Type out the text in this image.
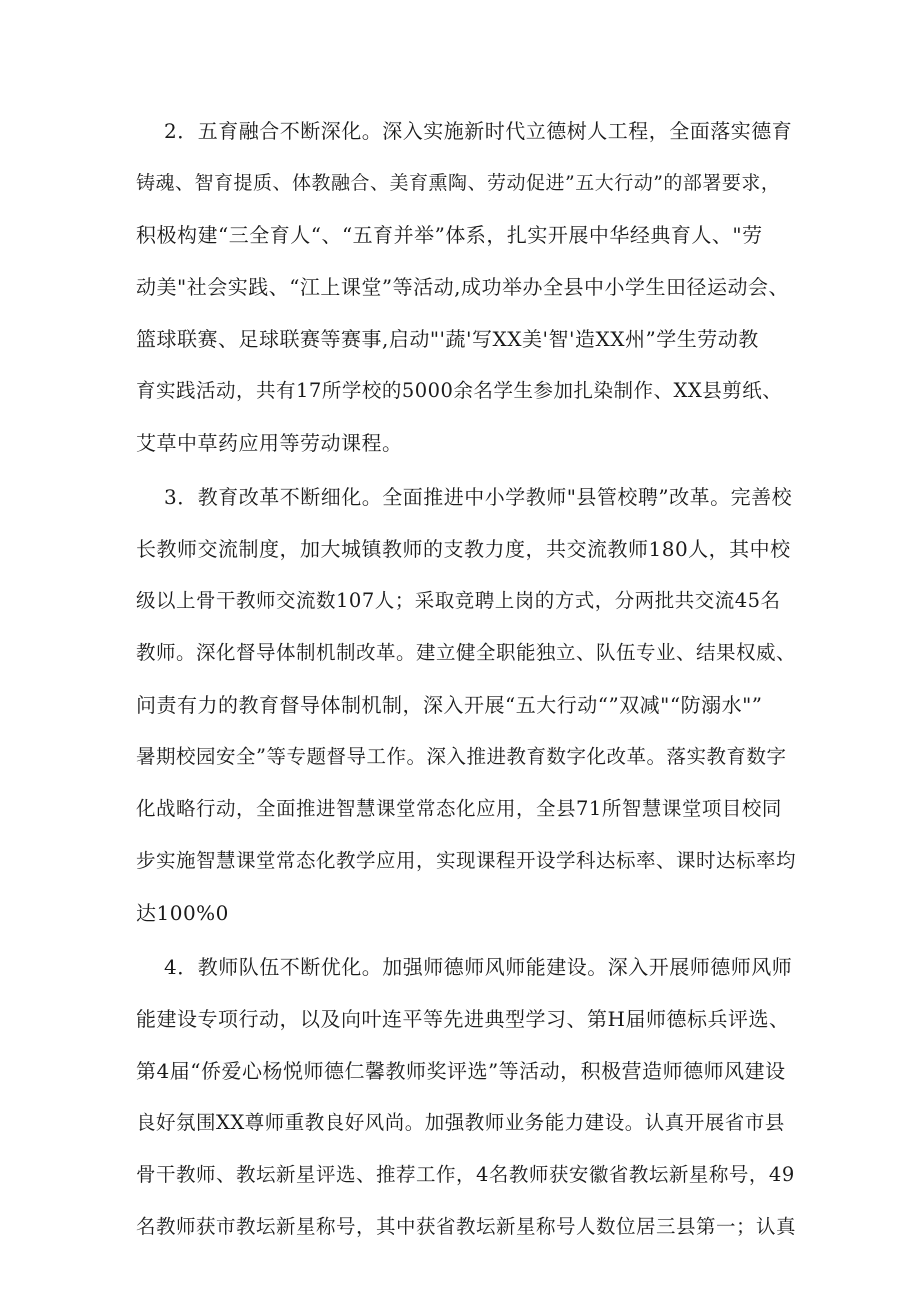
2．五育融合不断深化。深入实施新时代立德树人工程，全面落实德育
铸魂、智育提质、体教融合、美育熏陶、劳动促进”五大行动”的部署要求，
积极构建“三全育人“、“五育并举”体系，扎实开展中华经典育人、"劳
动美"社会实践、“江上课堂”等活动,成功举办全县中小学生田径运动会、
篮球联赛、足球联赛等赛事,启动"'蔬'写XX美'智'造XX州”学生劳动教
育实践活动，共有17所学校的5000余名学生参加扎染制作、XX县剪纸、
艾草中草药应用等劳动课程。
3．教育改革不断细化。全面推进中小学教师"县管校聘”改革。完善校
长教师交流制度，加大城镇教师的支教力度，共交流教师180人，其中校
级以上骨干教师交流数107人；采取竞聘上岗的方式，分两批共交流45名
教师。深化督导体制机制改革。建立健全职能独立、队伍专业、结果权威、
问责有力的教育督导体制机制，深入开展“五大行动“”双减"“防溺水"”
暑期校园安全”等专题督导工作。深入推进教育数字化改革。落实教育数字
化战略行动，全面推进智慧课堂常态化应用，全县71所智慧课堂项目校同
步实施智慧课堂常态化教学应用，实现课程开设学科达标率、课时达标率均
达100%0
4．教师队伍不断优化。加强师德师风师能建设。深入开展师德师风师
能建设专项行动，以及向叶连平等先进典型学习、第H届师德标兵评选、
第4届“侨爱心杨悦师德仁馨教师奖评选”等活动，积极营造师德师风建设
良好氛围XX尊师重教良好风尚。加强教师业务能力建设。认真开展省市县
骨干教师、教坛新星评选、推荐工作，4名教师获安徽省教坛新星称号，49
名教师获市教坛新星称号，其中获省教坛新星称号人数位居三县第一；认真
